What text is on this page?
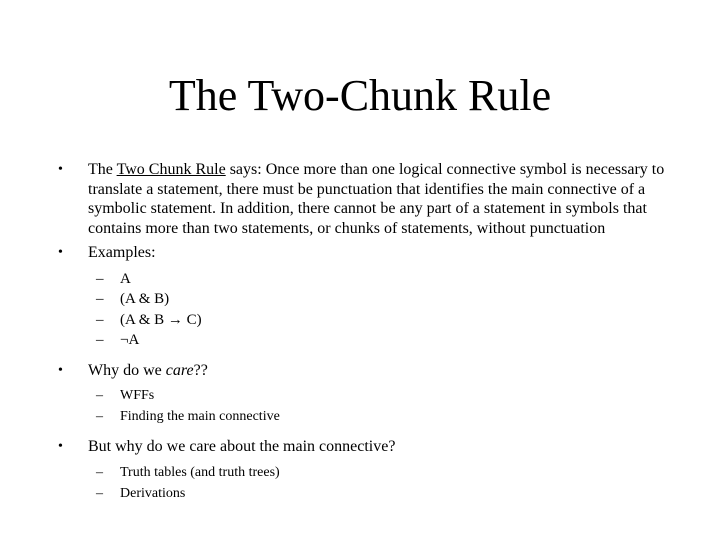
The Two-Chunk Rule
• The Two Chunk Rule says: Once more than one logical connective symbol is necessary to translate a statement, there must be punctuation that identifies the main connective of a symbolic statement. In addition, there cannot be any part of a statement in symbols that contains more than two statements, or chunks of statements, without punctuation
• Examples:
– A
– (A & B)
– (A & B → C)
– ¬A
• Why do we care??
– WFFs
– Finding the main connective
• But why do we care about the main connective?
– Truth tables (and truth trees)
– Derivations
